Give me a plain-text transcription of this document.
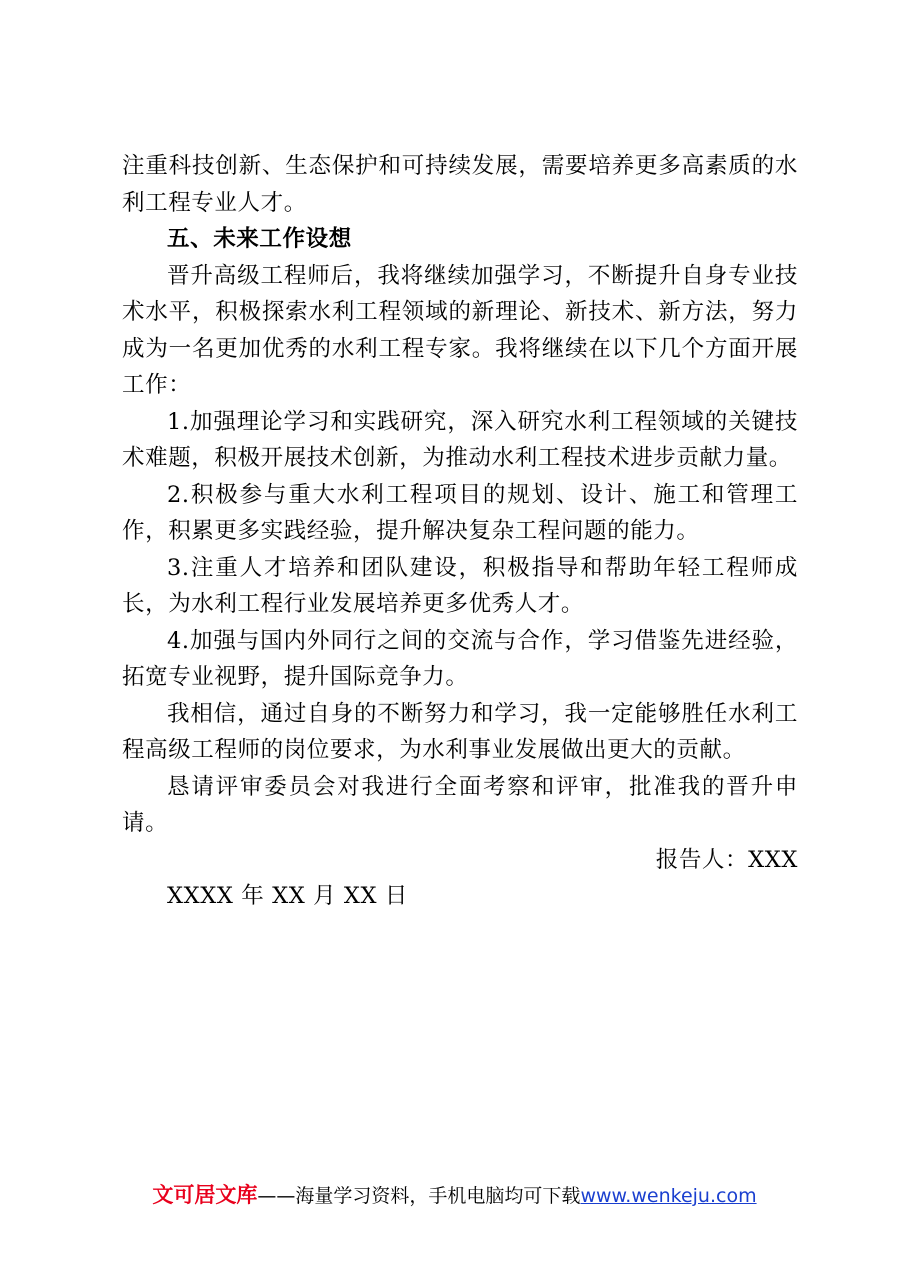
注重科技创新、生态保护和可持续发展，需要培养更多高素质的水利工程专业人才。

五、未来工作设想

晋升高级工程师后，我将继续加强学习，不断提升自身专业技术水平，积极探索水利工程领域的新理论、新技术、新方法，努力成为一名更加优秀的水利工程专家。我将继续在以下几个方面开展工作：

1.加强理论学习和实践研究，深入研究水利工程领域的关键技术难题，积极开展技术创新，为推动水利工程技术进步贡献力量。

2.积极参与重大水利工程项目的规划、设计、施工和管理工作，积累更多实践经验，提升解决复杂工程问题的能力。

3.注重人才培养和团队建设，积极指导和帮助年轻工程师成长，为水利工程行业发展培养更多优秀人才。

4.加强与国内外同行之间的交流与合作，学习借鉴先进经验，拓宽专业视野，提升国际竞争力。

我相信，通过自身的不断努力和学习，我一定能够胜任水利工程高级工程师的岗位要求，为水利事业发展做出更大的贡献。

恳请评审委员会对我进行全面考察和评审，批准我的晋升申请。

报告人：XXX

XXXX 年 XX 月 XX 日

文可居文库——海量学习资料，手机电脑均可下载www.wenkeju.com
